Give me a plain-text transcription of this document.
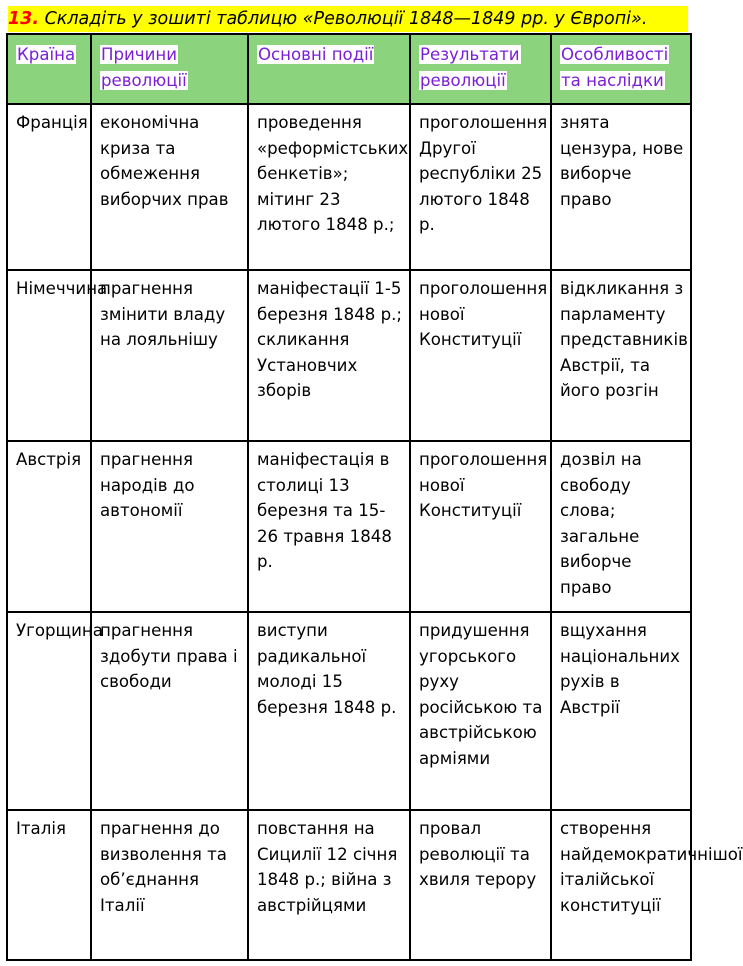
13. Складіть у зошиті таблицю «Революції 1848—1849 рр. у Європі».
Країна	Причини революції	Основні події	Результати революції	Особливості та наслідки
Франція	економічна криза та обмеження виборчих прав	проведення «реформістських бенкетів»; мітинг 23 лютого 1848 р.;	проголошення Другої республіки 25 лютого 1848 р.	знята цензура, нове виборче право
Німеччина	прагнення змінити владу на лояльнішу	маніфестації 1-5 березня 1848 р.; скликання Установчих зборів	проголошення нової Конституції	відкликання з парламенту представників Австрії, та його розгін
Австрія	прагнення народів до автономії	маніфестація в столиці 13 березня та 15-26 травня 1848 р.	проголошення нової Конституції	дозвіл на свободу слова; загальне виборче право
Угорщина	прагнення здобути права і свободи	виступи радикальної молоді 15 березня 1848 р.	придушення угорського руху російською та австрійською арміями	вщухання національних рухів в Австрії
Італія	прагнення до визволення та об’єднання Італії	повстання на Сицилії 12 січня 1848 р.; війна з австрійцями	провал революції та хвиля терору	створення найдемократичнішої італійської конституції
